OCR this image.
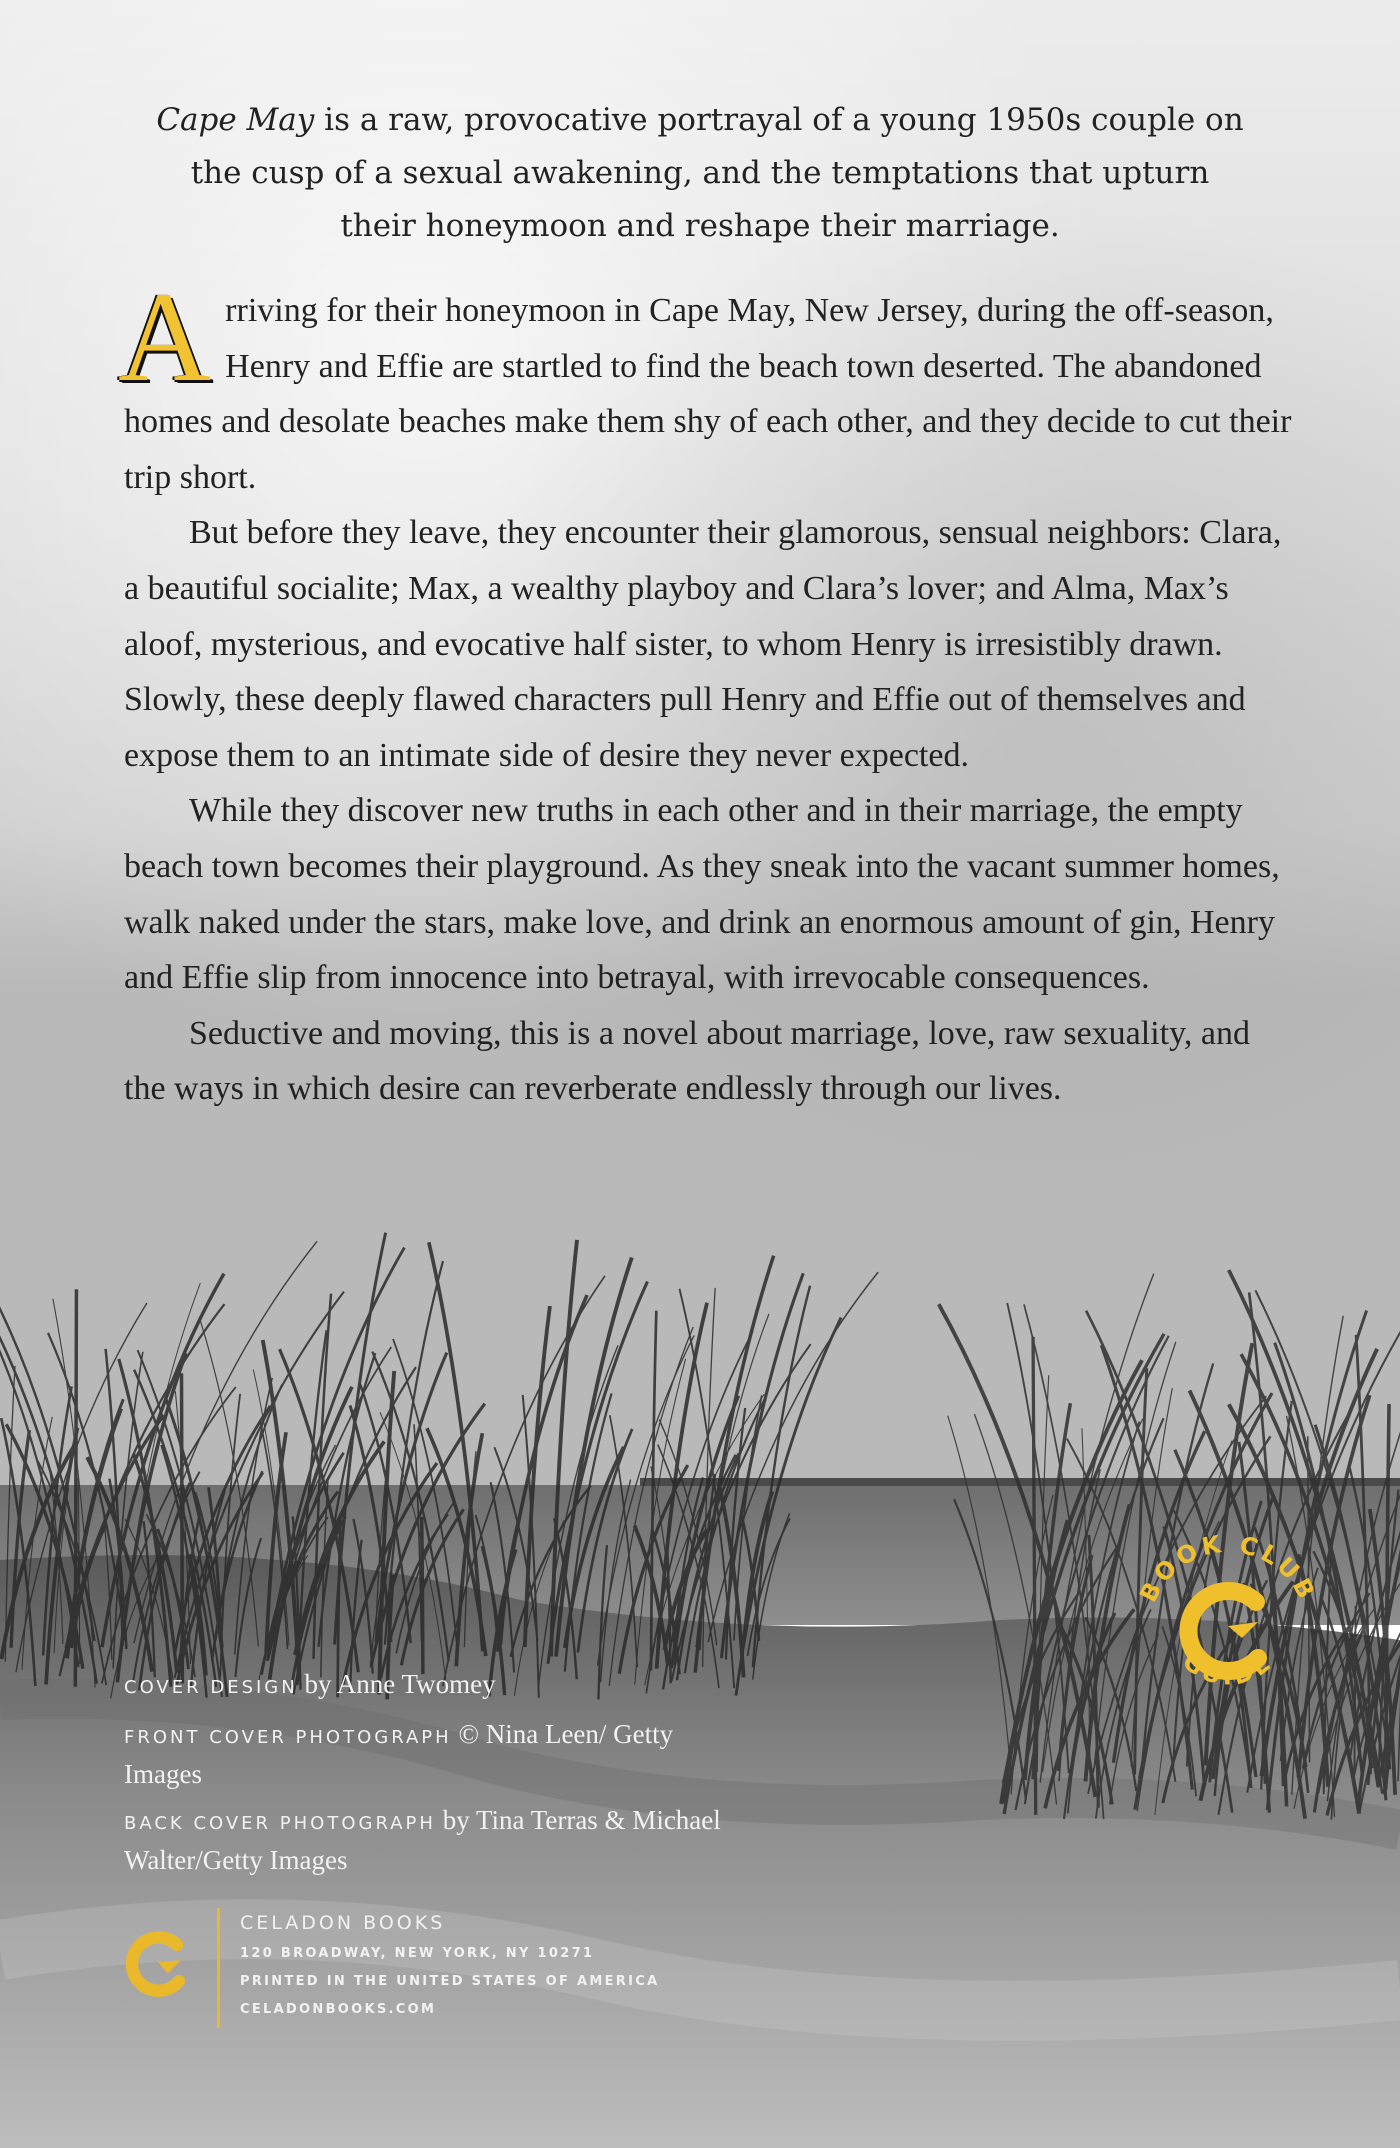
Cape May is a raw, provocative portrayal of a young 1950s couple on the cusp of a sexual awakening, and the temptations that upturn their honeymoon and reshape their marriage.

Arriving for their honeymoon in Cape May, New Jersey, during the off-season, Henry and Effie are startled to find the beach town deserted. The abandoned homes and desolate beaches make them shy of each other, and they decide to cut their trip short.

But before they leave, they encounter their glamorous, sensual neighbors: Clara, a beautiful socialite; Max, a wealthy playboy and Clara’s lover; and Alma, Max’s aloof, mysterious, and evocative half sister, to whom Henry is irresistibly drawn. Slowly, these deeply flawed characters pull Henry and Effie out of themselves and expose them to an intimate side of desire they never expected.

While they discover new truths in each other and in their marriage, the empty beach town becomes their playground. As they sneak into the vacant summer homes, walk naked under the stars, make love, and drink an enormous amount of gin, Henry and Effie slip from innocence into betrayal, with irrevocable consequences.

Seductive and moving, this is a novel about marriage, love, raw sexuality, and the ways in which desire can reverberate endlessly through our lives.

COVER DESIGN by Anne Twomey
FRONT COVER PHOTOGRAPH © Nina Leen/ Getty Images
BACK COVER PHOTOGRAPH by Tina Terras & Michael Walter/Getty Images
BOOK CLUB
GUIDE
CELADON BOOKS
120 BROADWAY, NEW YORK, NY 10271
PRINTED IN THE UNITED STATES OF AMERICA
CELADONBOOKS.COM
